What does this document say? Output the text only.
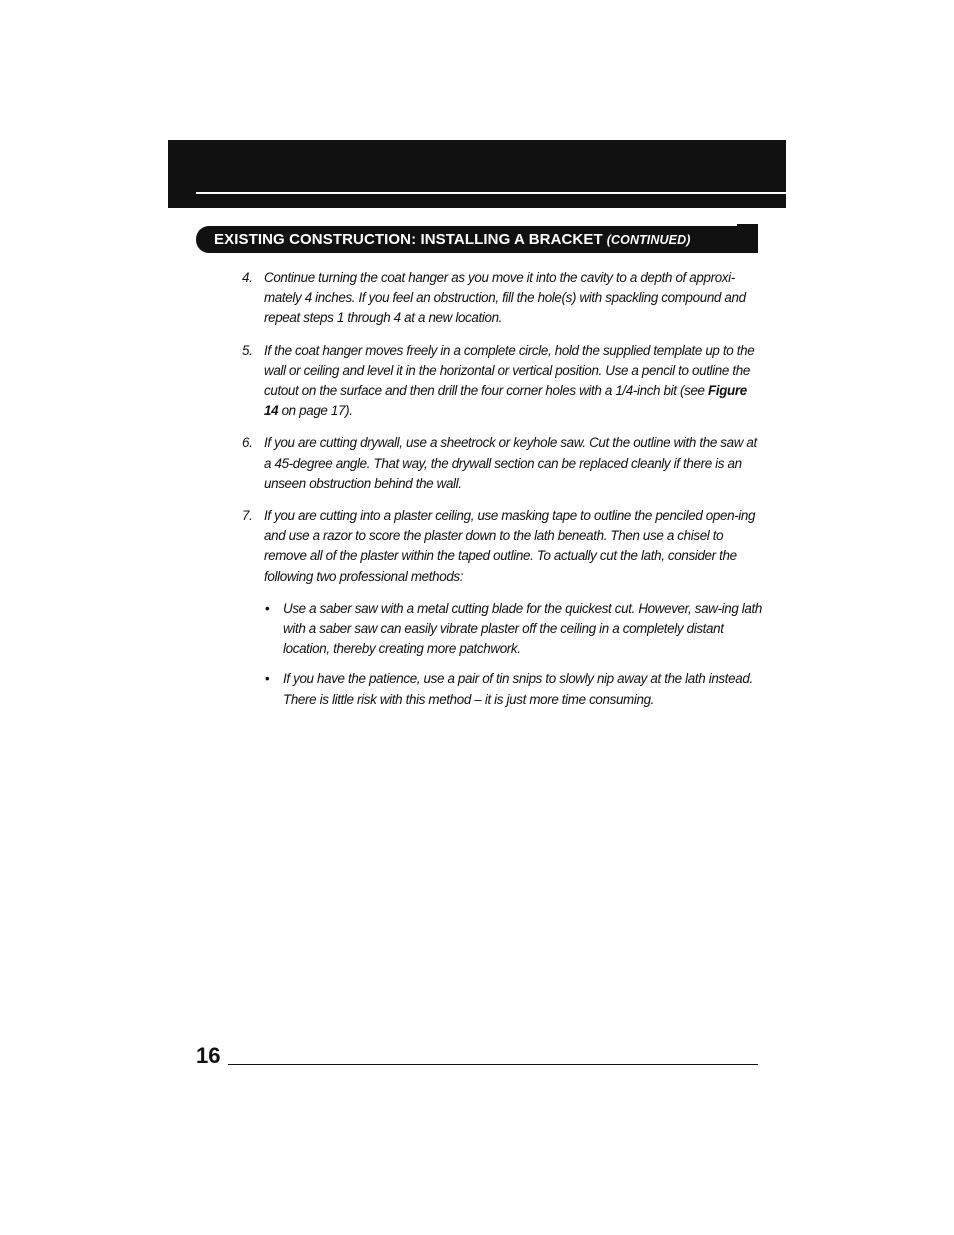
EXISTING CONSTRUCTION: INSTALLING A BRACKET (CONTINUED)
4. Continue turning the coat hanger as you move it into the cavity to a depth of approxi-mately 4 inches. If you feel an obstruction, fill the hole(s) with spackling compound and repeat steps 1 through 4 at a new location.
5. If the coat hanger moves freely in a complete circle, hold the supplied template up to the wall or ceiling and level it in the horizontal or vertical position. Use a pencil to outline the cutout on the surface and then drill the four corner holes with a 1/4-inch bit (see Figure 14 on page 17).
6. If you are cutting drywall, use a sheetrock or keyhole saw. Cut the outline with the saw at a 45-degree angle. That way, the drywall section can be replaced cleanly if there is an unseen obstruction behind the wall.
7. If you are cutting into a plaster ceiling, use masking tape to outline the penciled open-ing and use a razor to score the plaster down to the lath beneath. Then use a chisel to remove all of the plaster within the taped outline. To actually cut the lath, consider the following two professional methods:
• Use a saber saw with a metal cutting blade for the quickest cut. However, saw-ing lath with a saber saw can easily vibrate plaster off the ceiling in a completely distant location, thereby creating more patchwork.
• If you have the patience, use a pair of tin snips to slowly nip away at the lath instead. There is little risk with this method – it is just more time consuming.
16
